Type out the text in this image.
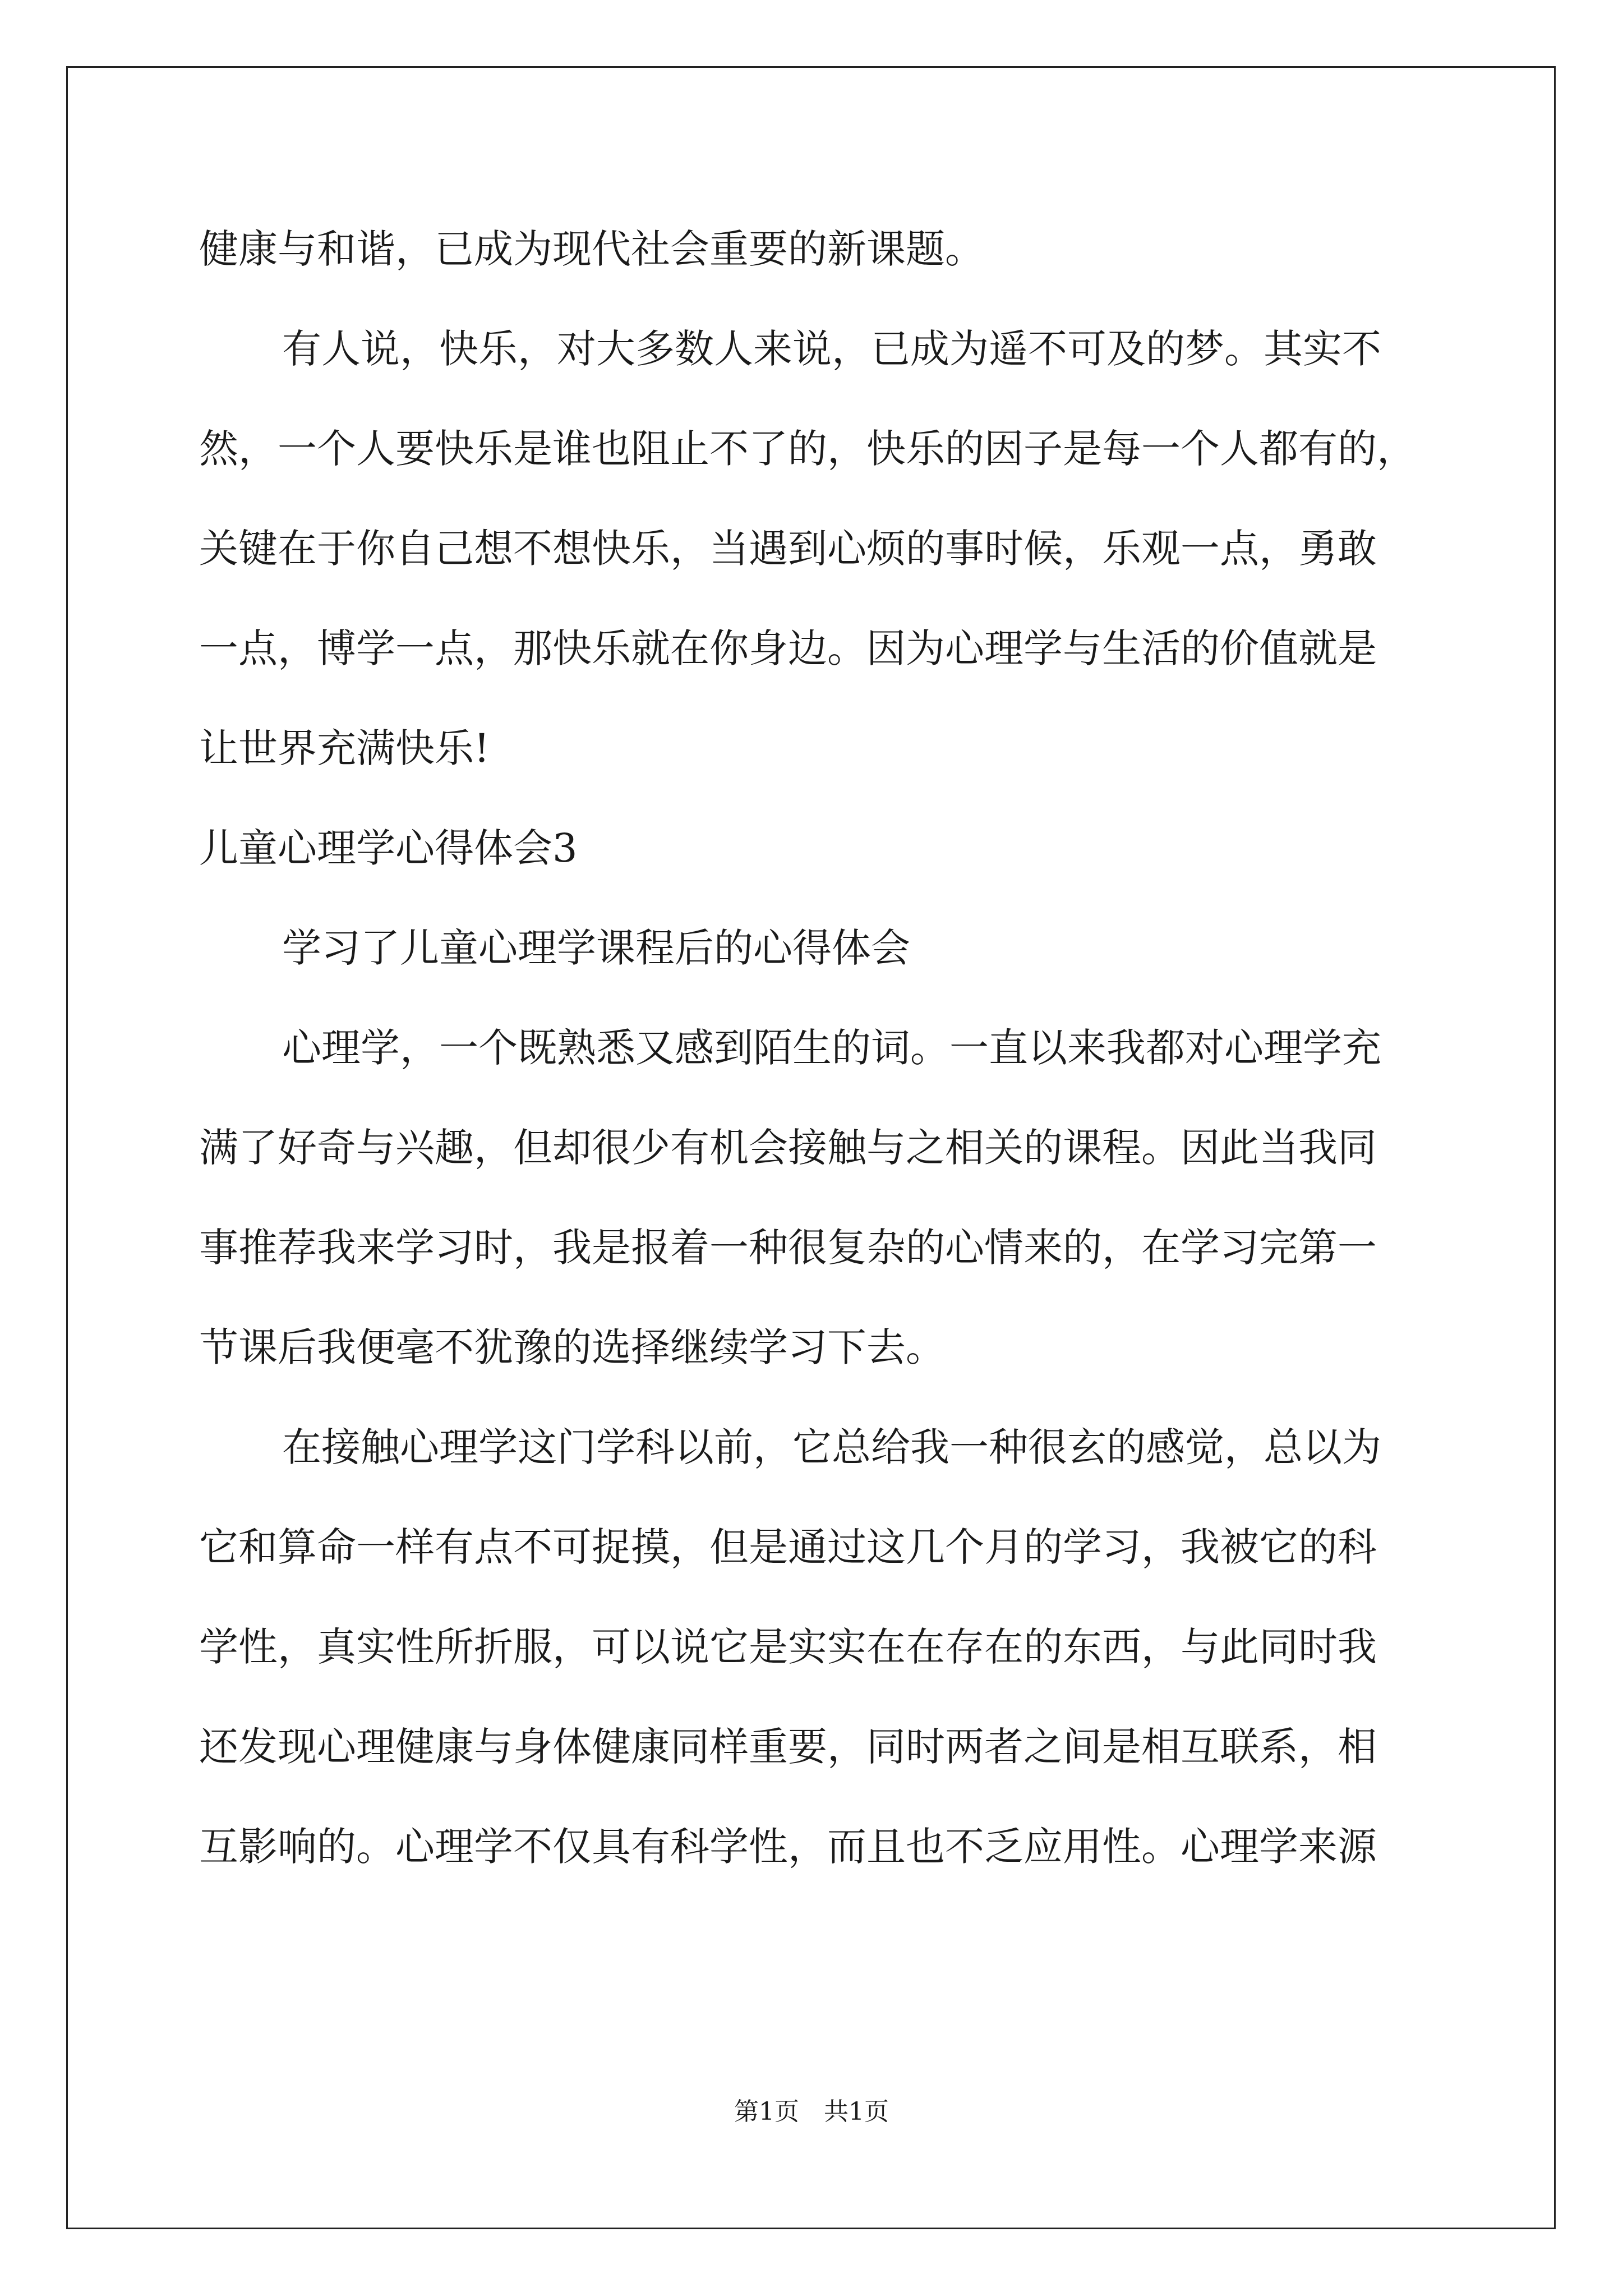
健康与和谐，已成为现代社会重要的新课题。
有人说，快乐，对大多数人来说，已成为遥不可及的梦。其实不
然，一个人要快乐是谁也阻止不了的，快乐的因子是每一个人都有的，
关键在于你自己想不想快乐，当遇到心烦的事时候，乐观一点，勇敢
一点，博学一点，那快乐就在你身边。因为心理学与生活的价值就是
让世界充满快乐!
儿童心理学心得体会3
学习了儿童心理学课程后的心得体会
心理学，一个既熟悉又感到陌生的词。一直以来我都对心理学充
满了好奇与兴趣，但却很少有机会接触与之相关的课程。因此当我同
事推荐我来学习时，我是报着一种很复杂的心情来的，在学习完第一
节课后我便毫不犹豫的选择继续学习下去。
在接触心理学这门学科以前，它总给我一种很玄的感觉，总以为
它和算命一样有点不可捉摸，但是通过这几个月的学习，我被它的科
学性，真实性所折服，可以说它是实实在在存在的东西，与此同时我
还发现心理健康与身体健康同样重要，同时两者之间是相互联系，相
互影响的。心理学不仅具有科学性，而且也不乏应用性。心理学来源
第1页　共1页
